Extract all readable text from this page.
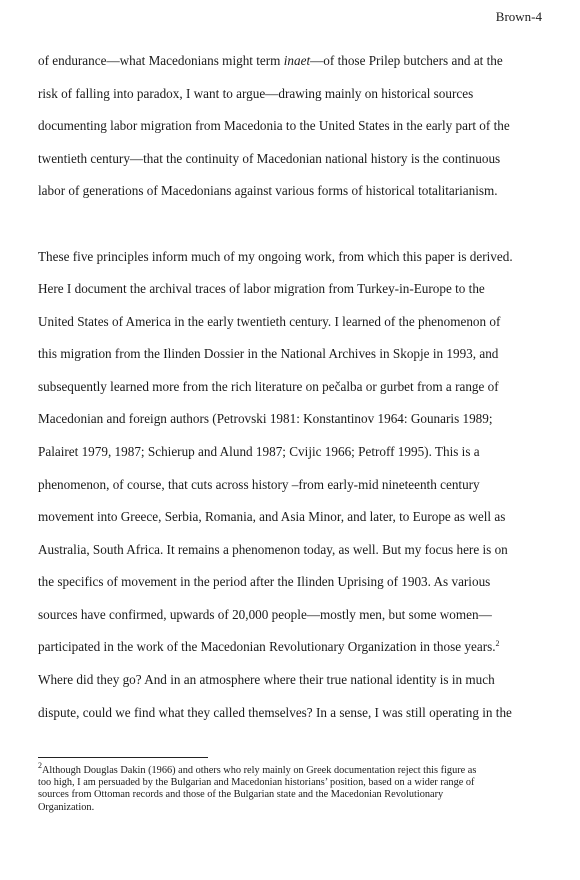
Brown-4
of endurance—what Macedonians might term inaet—of those Prilep butchers and at the
risk of falling into paradox, I want to argue—drawing mainly on historical sources
documenting labor migration from Macedonia to the United States in the early part of the
twentieth century—that the continuity of Macedonian national history is the continuous
labor of generations of Macedonians against various forms of historical totalitarianism.
These five principles inform much of my ongoing work, from which this paper is derived.
Here I document the archival traces of labor migration from Turkey-in-Europe to the
United States of America in the early twentieth century. I learned of the phenomenon of
this migration from the Ilinden Dossier in the National Archives in Skopje in 1993, and
subsequently learned more from the rich literature on pečalba or gurbet from a range of
Macedonian and foreign authors (Petrovski 1981: Konstantinov 1964: Gounaris 1989;
Palairet 1979, 1987; Schierup and Alund 1987; Cvijic 1966; Petroff 1995). This is a
phenomenon, of course, that cuts across history –from early-mid nineteenth century
movement into Greece, Serbia, Romania, and Asia Minor, and later, to Europe as well as
Australia, South Africa. It remains a phenomenon today, as well. But my focus here is on
the specifics of movement in the period after the Ilinden Uprising of 1903. As various
sources have confirmed, upwards of 20,000 people—mostly men, but some women—
participated in the work of the Macedonian Revolutionary Organization in those years.$^2$
Where did they go? And in an atmosphere where their true national identity is in much
dispute, could we find what they called themselves? In a sense, I was still operating in the
$^2$Although Douglas Dakin (1966) and others who rely mainly on Greek documentation reject this figure as
too high, I am persuaded by the Bulgarian and Macedonian historians’ position, based on a wider range of
sources from Ottoman records and those of the Bulgarian state and the Macedonian Revolutionary
Organization.
